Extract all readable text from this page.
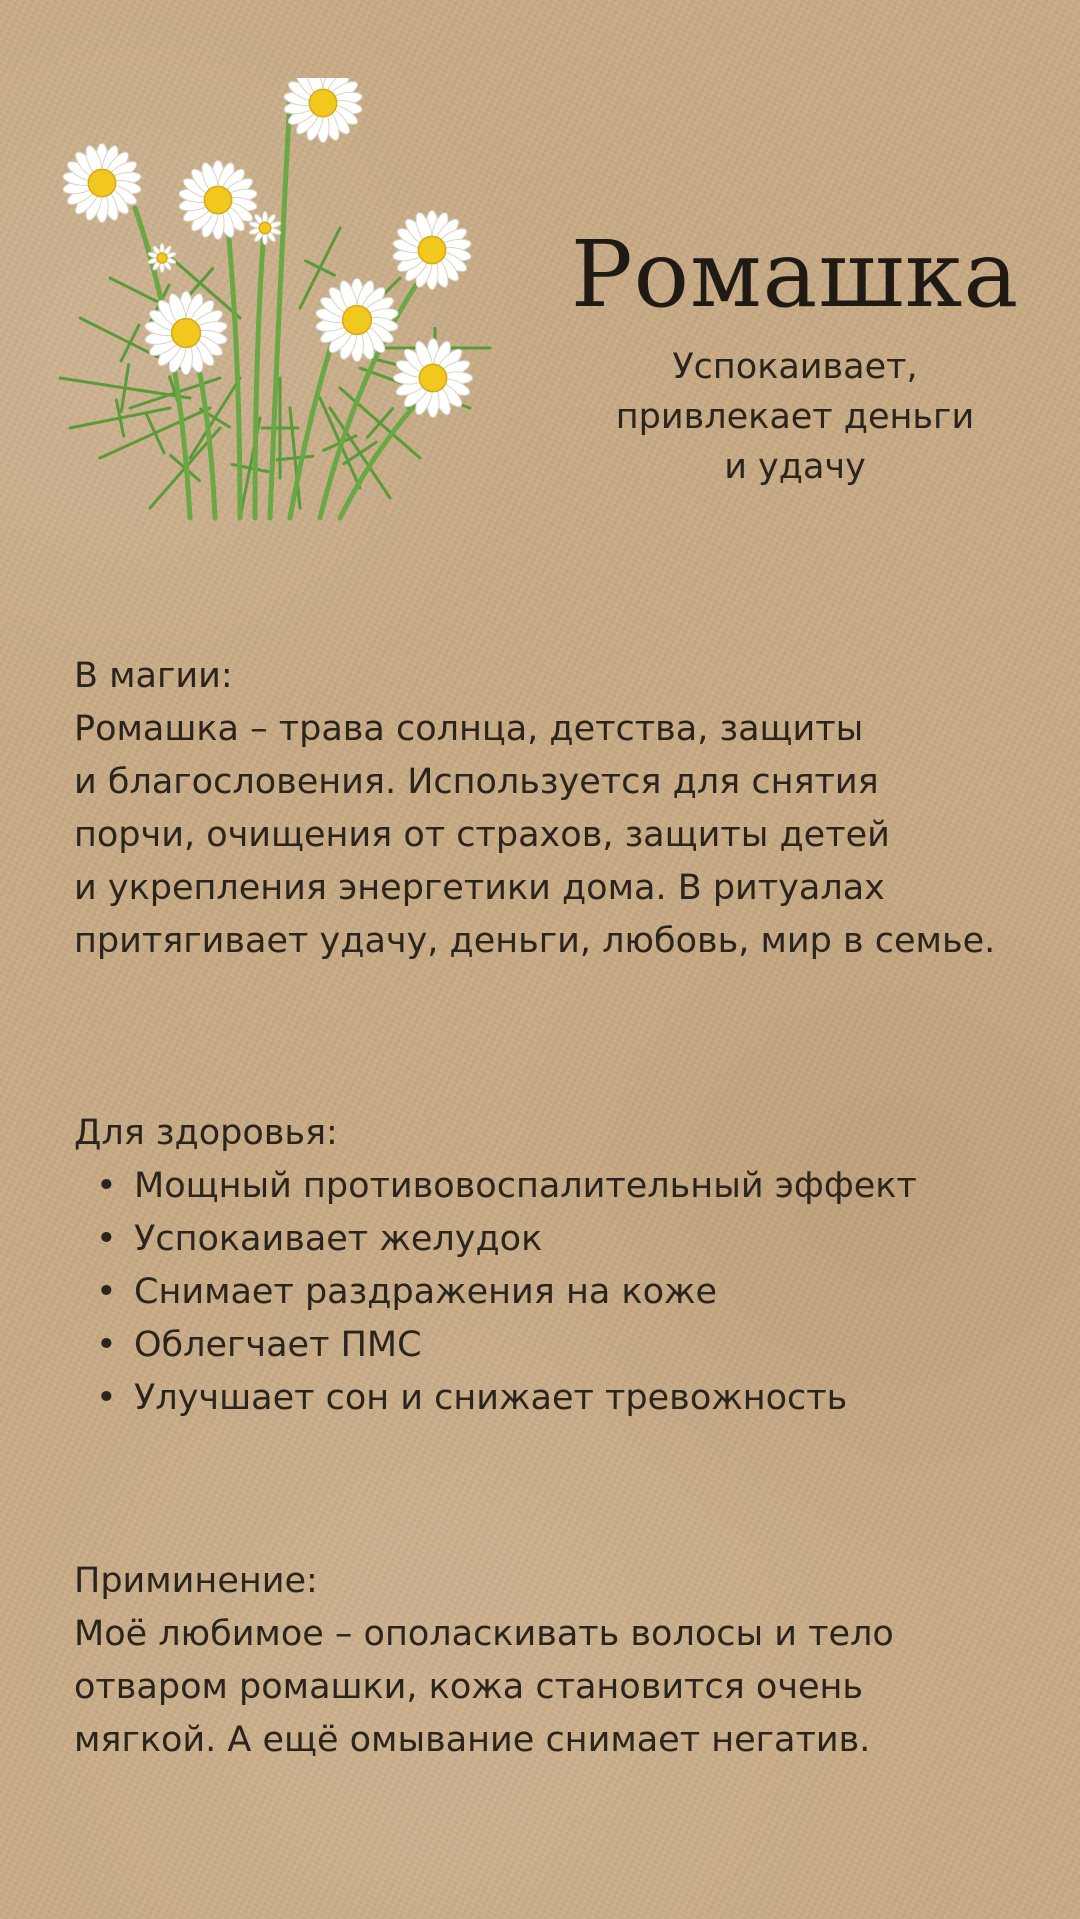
Ромашка
Успокаивает,
привлекает деньги
и удачу
В магии:
Ромашка – трава солнца, детства, защиты
и благословения. Используется для снятия
порчи, очищения от страхов, защиты детей
и укрепления энергетики дома. В ритуалах
притягивает удачу, деньги, любовь, мир в семье.
Для здоровья:
• Мощный противовоспалительный эффект
• Успокаивает желудок
• Снимает раздражения на коже
• Облегчает ПМС
• Улучшает сон и снижает тревожность
Приминение:
Моё любимое – ополаскивать волосы и тело
отваром ромашки, кожа становится очень
мягкой. А ещё омывание снимает негатив.
